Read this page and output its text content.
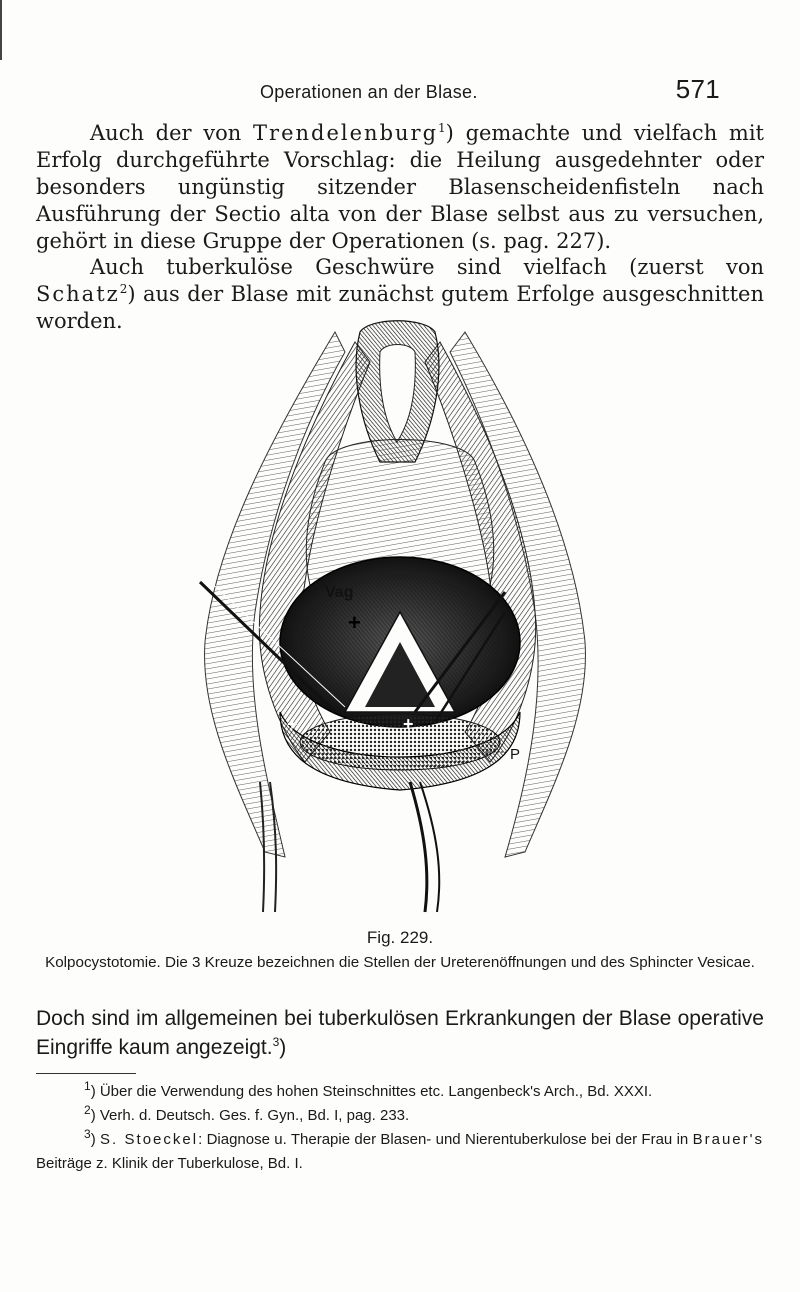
Operationen an der Blase.	571

Auch der von Trendelenburg$^1$) gemachte und vielfach mit Erfolg durchgeführte Vorschlag: die Heilung ausgedehnter oder besonders ungünstig sitzender Blasenscheidenfisteln nach Ausführung der Sectio alta von der Blase selbst aus zu versuchen, gehört in diese Gruppe der Operationen (s. pag. 227).

Auch tuberkulöse Geschwüre sind vielfach (zuerst von Schatz$^2$) aus der Blase mit zunächst gutem Erfolge ausgeschnitten worden.

+
+	+
Vag
P
Fig. 229.
Kolpocystotomie. Die 3 Kreuze bezeichnen die Stellen der Ureterenöffnungen und des Sphincter Vesicae.

Doch sind im allgemeinen bei tuberkulösen Erkrankungen der Blase operative Eingriffe kaum angezeigt.$^3$)

$^1$) Über die Verwendung des hohen Steinschnittes etc. Langenbeck's Arch., Bd. XXXI.

$^2$) Verh. d. Deutsch. Ges. f. Gyn., Bd. I, pag. 233.

$^3$) S. Stoeckel: Diagnose u. Therapie der Blasen- und Nierentuberkulose bei der Frau in Brauer's Beiträge z. Klinik der Tuberkulose, Bd. I.
